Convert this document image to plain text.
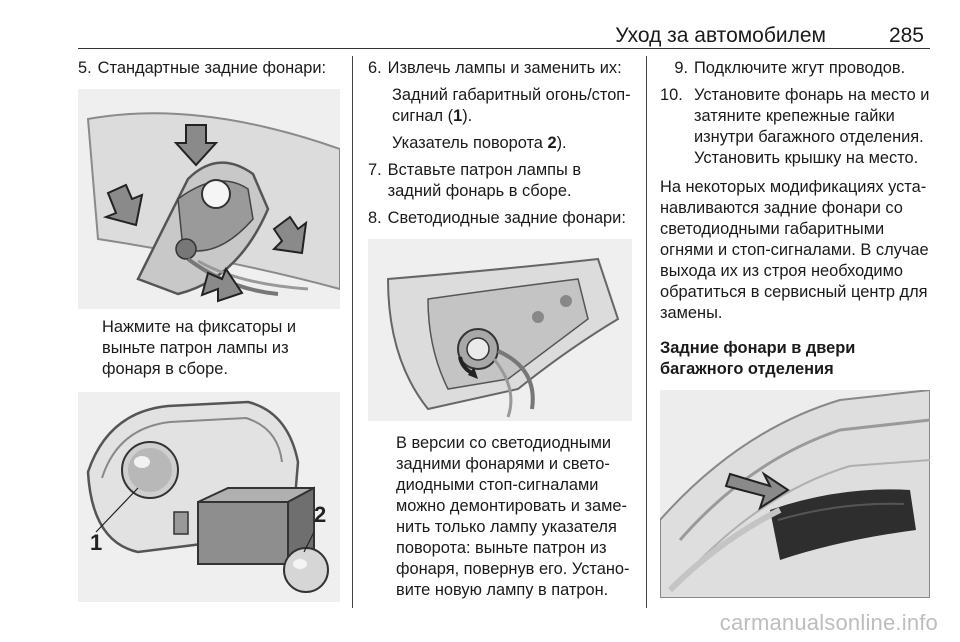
Уход за автомобилем	285

5. Стандартные задние фонари:

Нажмите на фиксаторы и выньте патрон лампы из фонаря в сборе.

1
2

6. Извлечь лампы и заменить их:

Задний габаритный огонь/стоп-сигнал (1).

Указатель поворота 2).

7. Вставьте патрон лампы в задний фонарь в сборе.

8. Светодиодные задние фонари:

В версии со светодиодными задними фонарями и свето-диодными стоп-сигналами можно демонтировать и заме-нить только лампу указателя поворота: выньте патрон из фонаря, повернув его. Устано-вите новую лампу в патрон.

9. Подключите жгут проводов.

10. Установите фонарь на место и затяните крепежные гайки изнутри багажного отделения. Установить крышку на место.

На некоторых модификациях уста-навливаются задние фонари со светодиодными габаритными огнями и стоп-сигналами. В случае выхода их из строя необходимо обратиться в сервисный центр для замены.

Задние фонари в двери багажного отделения

carmanualsonline.info
